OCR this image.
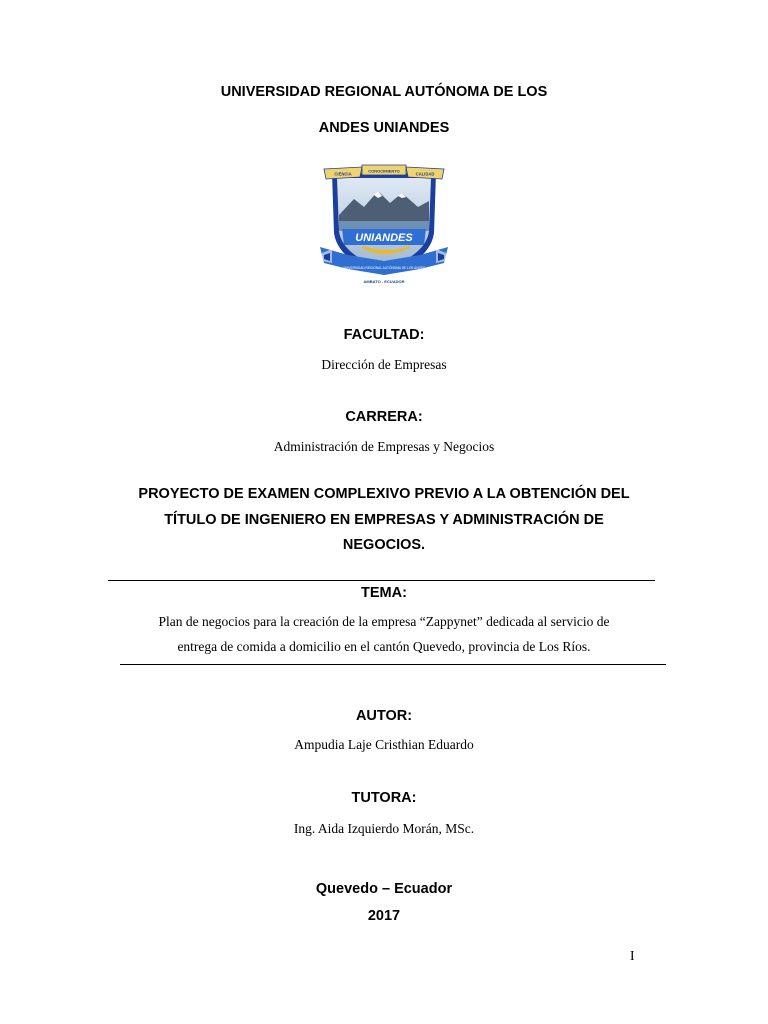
UNIVERSIDAD REGIONAL AUTÓNOMA DE LOS
ANDES UNIANDES
UNIANDES
CIENCIA
CONOCIMIENTO
CALIDAD
UNIVERSIDAD REGIONAL AUTÓNOMA DE LOS ANDES
AMBATO - ECUADOR
FACULTAD:
Dirección de Empresas
CARRERA:
Administración de Empresas y Negocios
PROYECTO DE EXAMEN COMPLEXIVO PREVIO A LA OBTENCIÓN DEL
TÍTULO DE INGENIERO EN EMPRESAS Y ADMINISTRACIÓN DE
NEGOCIOS.
TEMA:
Plan de negocios para la creación de la empresa “Zappynet” dedicada al servicio de
entrega de comida a domicilio en el cantón Quevedo, provincia de Los Ríos.
AUTOR:
Ampudia Laje Cristhian Eduardo
TUTORA:
Ing. Aida Izquierdo Morán, MSc.
Quevedo – Ecuador
2017
I
